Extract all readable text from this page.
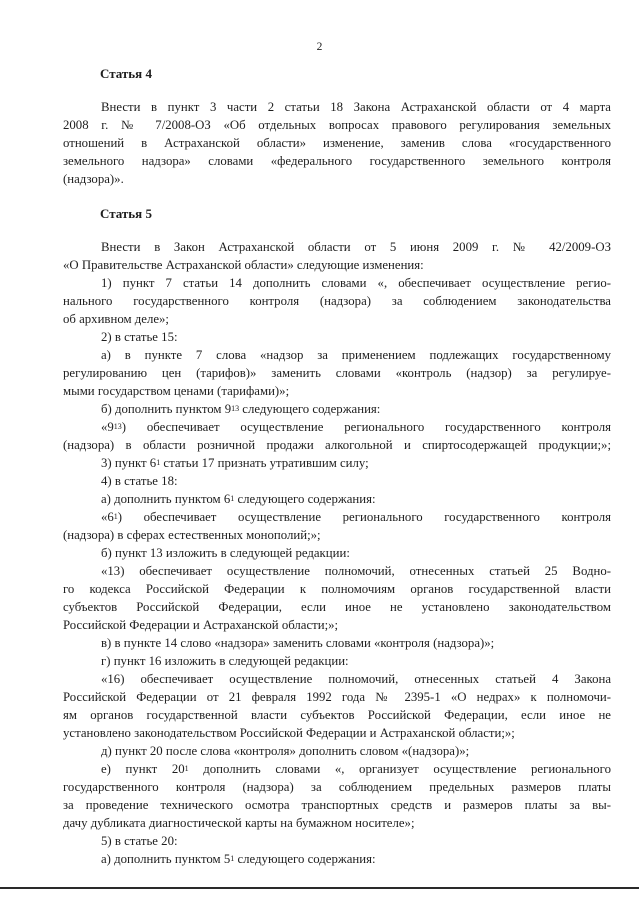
2
Статья 4
Внести в пункт 3 части 2 статьи 18 Закона Астраханской области от 4 марта
2008 г. № 7/2008-ОЗ «Об отдельных вопросах правового регулирования земельных
отношений в Астраханской области» изменение, заменив слова «государственного
земельного надзора» словами «федерального государственного земельного контроля
(надзора)».
Статья 5
Внести в Закон Астраханской области от 5 июня 2009 г. № 42/2009-ОЗ
«О Правительстве Астраханской области» следующие изменения:
1) пункт 7 статьи 14 дополнить словами «, обеспечивает осуществление регио-
нального государственного контроля (надзора) за соблюдением законодательства
об архивном деле»;
2) в статье 15:
а) в пункте 7 слова «надзор за применением подлежащих государственному
регулированию цен (тарифов)» заменить словами «контроль (надзор) за регулируе-
мыми государством ценами (тарифами)»;
б) дополнить пунктом $9^{13}$ следующего содержания:
«$9^{13}$) обеспечивает осуществление регионального государственного контроля
(надзора) в области розничной продажи алкогольной и спиртосодержащей продукции;»;
3) пункт $6^1$ статьи 17 признать утратившим силу;
4) в статье 18:
а) дополнить пунктом $6^1$ следующего содержания:
«$6^1$) обеспечивает осуществление регионального государственного контроля
(надзора) в сферах естественных монополий;»;
б) пункт 13 изложить в следующей редакции:
«13) обеспечивает осуществление полномочий, отнесенных статьей 25 Водно-
го кодекса Российской Федерации к полномочиям органов государственной власти
субъектов Российской Федерации, если иное не установлено законодательством
Российской Федерации и Астраханской области;»;
в) в пункте 14 слово «надзора» заменить словами «контроля (надзора)»;
г) пункт 16 изложить в следующей редакции:
«16) обеспечивает осуществление полномочий, отнесенных статьей 4 Закона
Российской Федерации от 21 февраля 1992 года № 2395-1 «О недрах» к полномочи-
ям органов государственной власти субъектов Российской Федерации, если иное не
установлено законодательством Российской Федерации и Астраханской области;»;
д) пункт 20 после слова «контроля» дополнить словом «(надзора)»;
е) пункт $20^1$ дополнить словами «, организует осуществление регионального
государственного контроля (надзора) за соблюдением предельных размеров платы
за проведение технического осмотра транспортных средств и размеров платы за вы-
дачу дубликата диагностической карты на бумажном носителе»;
5) в статье 20:
а) дополнить пунктом $5^1$ следующего содержания:
